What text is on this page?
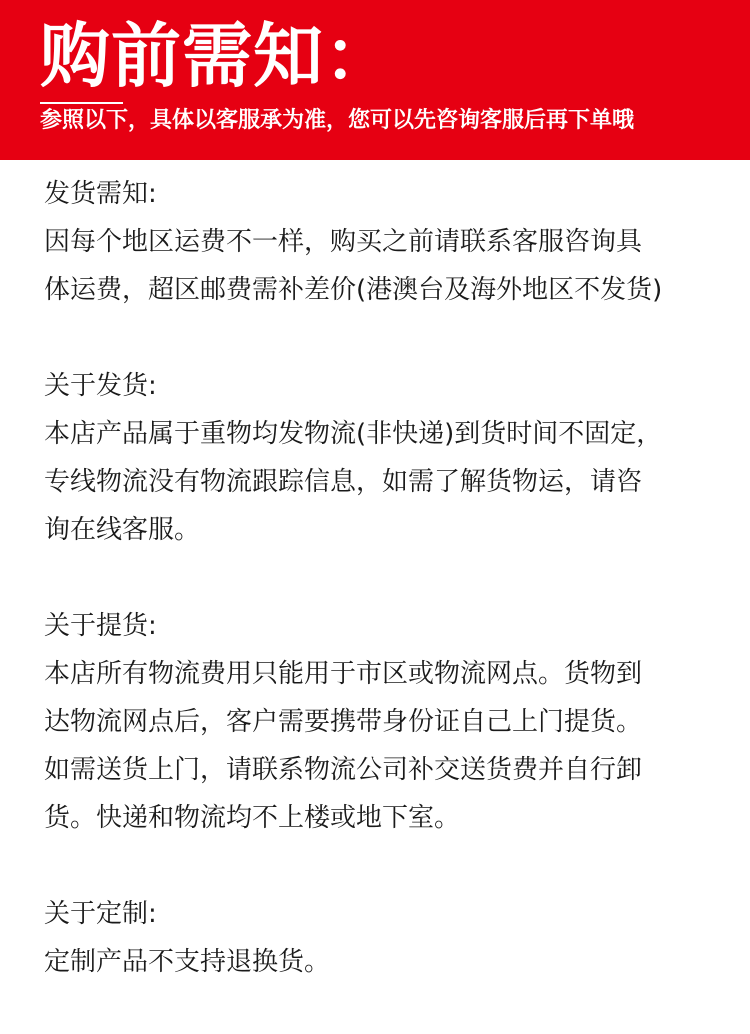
购前需知：
参照以下，具体以客服承为准，您可以先咨询客服后再下单哦
发货需知:
因每个地区运费不一样，购买之前请联系客服咨询具
体运费，超区邮费需补差价(港澳台及海外地区不发货)
关于发货:
本店产品属于重物均发物流(非快递)到货时间不固定，
专线物流没有物流跟踪信息，如需了解货物运，请咨
询在线客服。
关于提货:
本店所有物流费用只能用于市区或物流网点。货物到
达物流网点后，客户需要携带身份证自己上门提货。
如需送货上门，请联系物流公司补交送货费并自行卸
货。快递和物流均不上楼或地下室。
关于定制:
定制产品不支持退换货。
